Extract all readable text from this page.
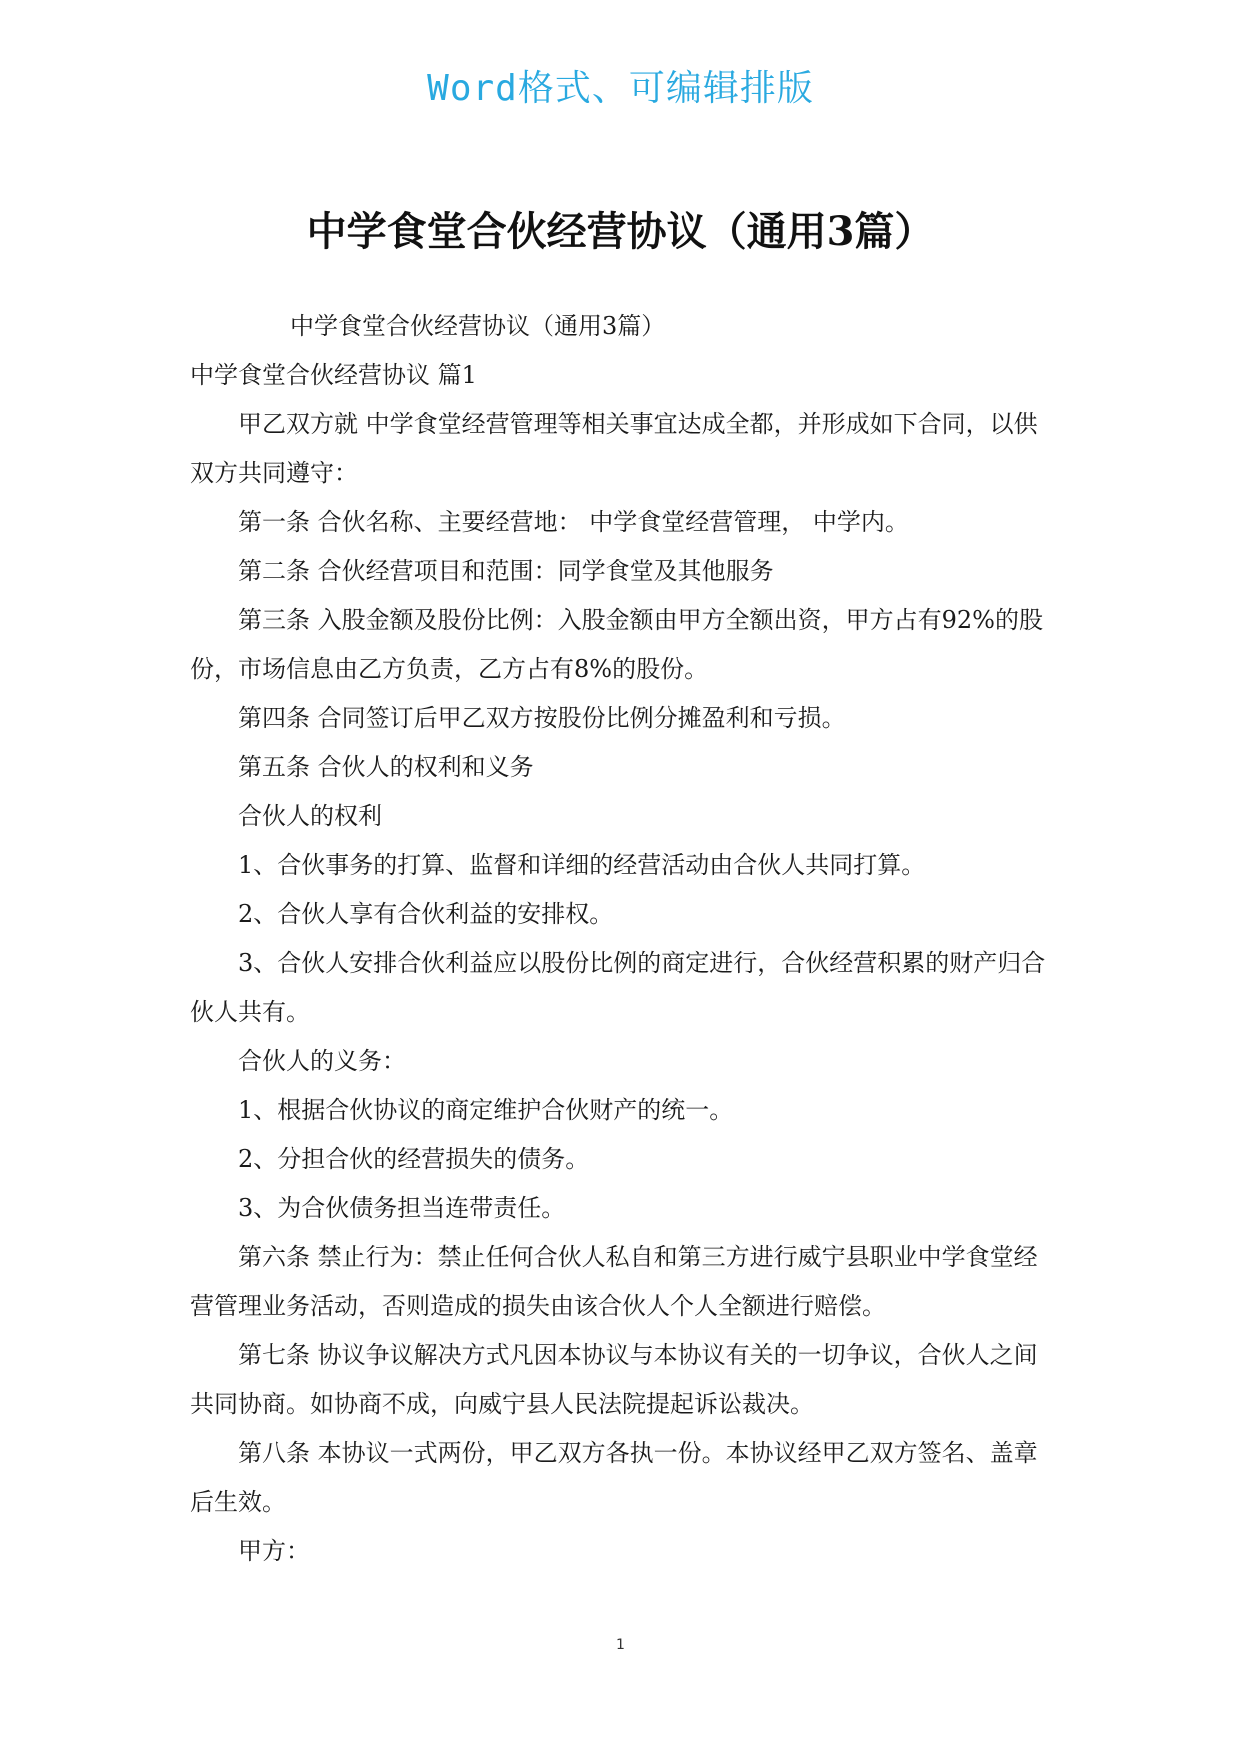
Word格式、可编辑排版
中学食堂合伙经营协议（通用3篇）

中学食堂合伙经营协议（通用3篇）

中学食堂合伙经营协议 篇1

甲乙双方就 中学食堂经营管理等相关事宜达成全都，并形成如下合同，以供双方共同遵守：

第一条 合伙名称、主要经营地： 中学食堂经营管理， 中学内。

第二条 合伙经营项目和范围：同学食堂及其他服务

第三条 入股金额及股份比例：入股金额由甲方全额出资，甲方占有92%的股份，市场信息由乙方负责，乙方占有8%的股份。

第四条 合同签订后甲乙双方按股份比例分摊盈利和亏损。

第五条 合伙人的权利和义务

合伙人的权利

1、合伙事务的打算、监督和详细的经营活动由合伙人共同打算。

2、合伙人享有合伙利益的安排权。

3、合伙人安排合伙利益应以股份比例的商定进行，合伙经营积累的财产归合伙人共有。

合伙人的义务：

1、根据合伙协议的商定维护合伙财产的统一。

2、分担合伙的经营损失的债务。

3、为合伙债务担当连带责任。

第六条 禁止行为：禁止任何合伙人私自和第三方进行威宁县职业中学食堂经营管理业务活动，否则造成的损失由该合伙人个人全额进行赔偿。

第七条 协议争议解决方式凡因本协议与本协议有关的一切争议，合伙人之间共同协商。如协商不成，向威宁县人民法院提起诉讼裁决。

第八条 本协议一式两份，甲乙双方各执一份。本协议经甲乙双方签名、盖章后生效。

甲方：

1
